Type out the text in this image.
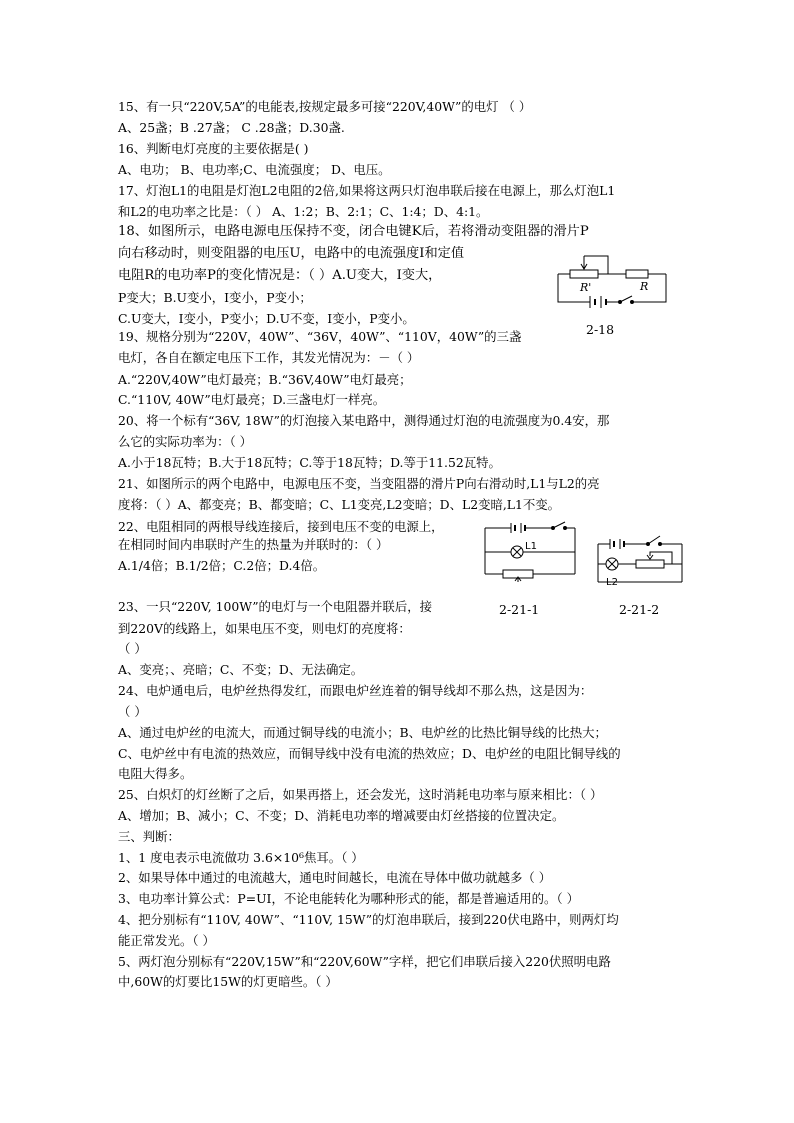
15、有一只“220V,5A”的电能表,按规定最多可接“220V,40W”的电灯 （ ）
A、25盏；B .27盏； C .28盏；D.30盏.
16、判断电灯亮度的主要依据是( )
A、电功； B、电功率;C、电流强度； D、电压。
17、灯泡L1的电阻是灯泡L2电阻的2倍,如果将这两只灯泡串联后接在电源上，那么灯泡L1
和L2的电功率之比是：（ ） A、1:2；B、2:1；C、1:4；D、4:1。
18、如图所示，电路电源电压保持不变，闭合电键K后，若将滑动变阻器的滑片P
向右移动时，则变阻器的电压U，电路中的电流强度I和定值
电阻R的电功率P的变化情况是：（ ）A.U变大，I变大，
P变大；B.U变小，I变小，P变小；
C.U变大，I变小，P变小；D.U不变，I变小，P变小。
19、规格分别为“220V，40W”、“36V，40W”、“110V，40W”的三盏
电灯，各自在额定电压下工作，其发光情况为：－（ ）
A.“220V,40W”电灯最亮；B.“36V,40W”电灯最亮；
C.“110V, 40W”电灯最亮；D.三盏电灯一样亮。
20、将一个标有“36V, 18W”的灯泡接入某电路中，测得通过灯泡的电流强度为0.4安，那
么它的实际功率为：（ ）
A.小于18瓦特；B.大于18瓦特；C.等于18瓦特；D.等于11.52瓦特。
21、如图所示的两个电路中，电源电压不变，当变阻器的滑片P向右滑动时,L1与L2的亮
度将：（ ）A、都变亮；B、都变暗；C、L1变亮,L2变暗；D、L2变暗,L1不变。
22、电阻相同的两根导线连接后，接到电压不变的电源上，
在相同时间内串联时产生的热量为并联时的：（ ）
A.1/4倍；B.1/2倍；C.2倍；D.4倍。
23、一只“220V, 100W”的电灯与一个电阻器并联后，接
到220V的线路上，如果电压不变，则电灯的亮度将：
（ ）
A、变亮；、亮暗；C、不变；D、无法确定。
24、电炉通电后，电炉丝热得发红，而跟电炉丝连着的铜导线却不那么热，这是因为：
（ ）
A、通过电炉丝的电流大，而通过铜导线的电流小；B、电炉丝的比热比铜导线的比热大；
C、电炉丝中有电流的热效应，而铜导线中没有电流的热效应；D、电炉丝的电阻比铜导线的
电阻大得多。
25、白炽灯的灯丝断了之后，如果再搭上，还会发光，这时消耗电功率与原来相比：（ ）
A、增加；B、减小；C、不变；D、消耗电功率的增减要由灯丝搭接的位置决定。
三、判断：
1、1 度电表示电流做功 3.6×10⁶焦耳。（ ）
2、如果导体中通过的电流越大，通电时间越长，电流在导体中做功就越多（ ）
3、电功率计算公式：P=UI，不论电能转化为哪种形式的能，都是普遍适用的。（ ）
4、把分别标有“110V, 40W”、“110V, 15W”的灯泡串联后，接到220伏电路中，则两灯均
能正常发光。（ ）
5、两灯泡分别标有“220V,15W”和“220V,60W”字样，把它们串联后接入220伏照明电路
中,60W的灯要比15W的灯更暗些。（ ）
R'	R
2-18
L1
2-21-1
L2
2-21-2
